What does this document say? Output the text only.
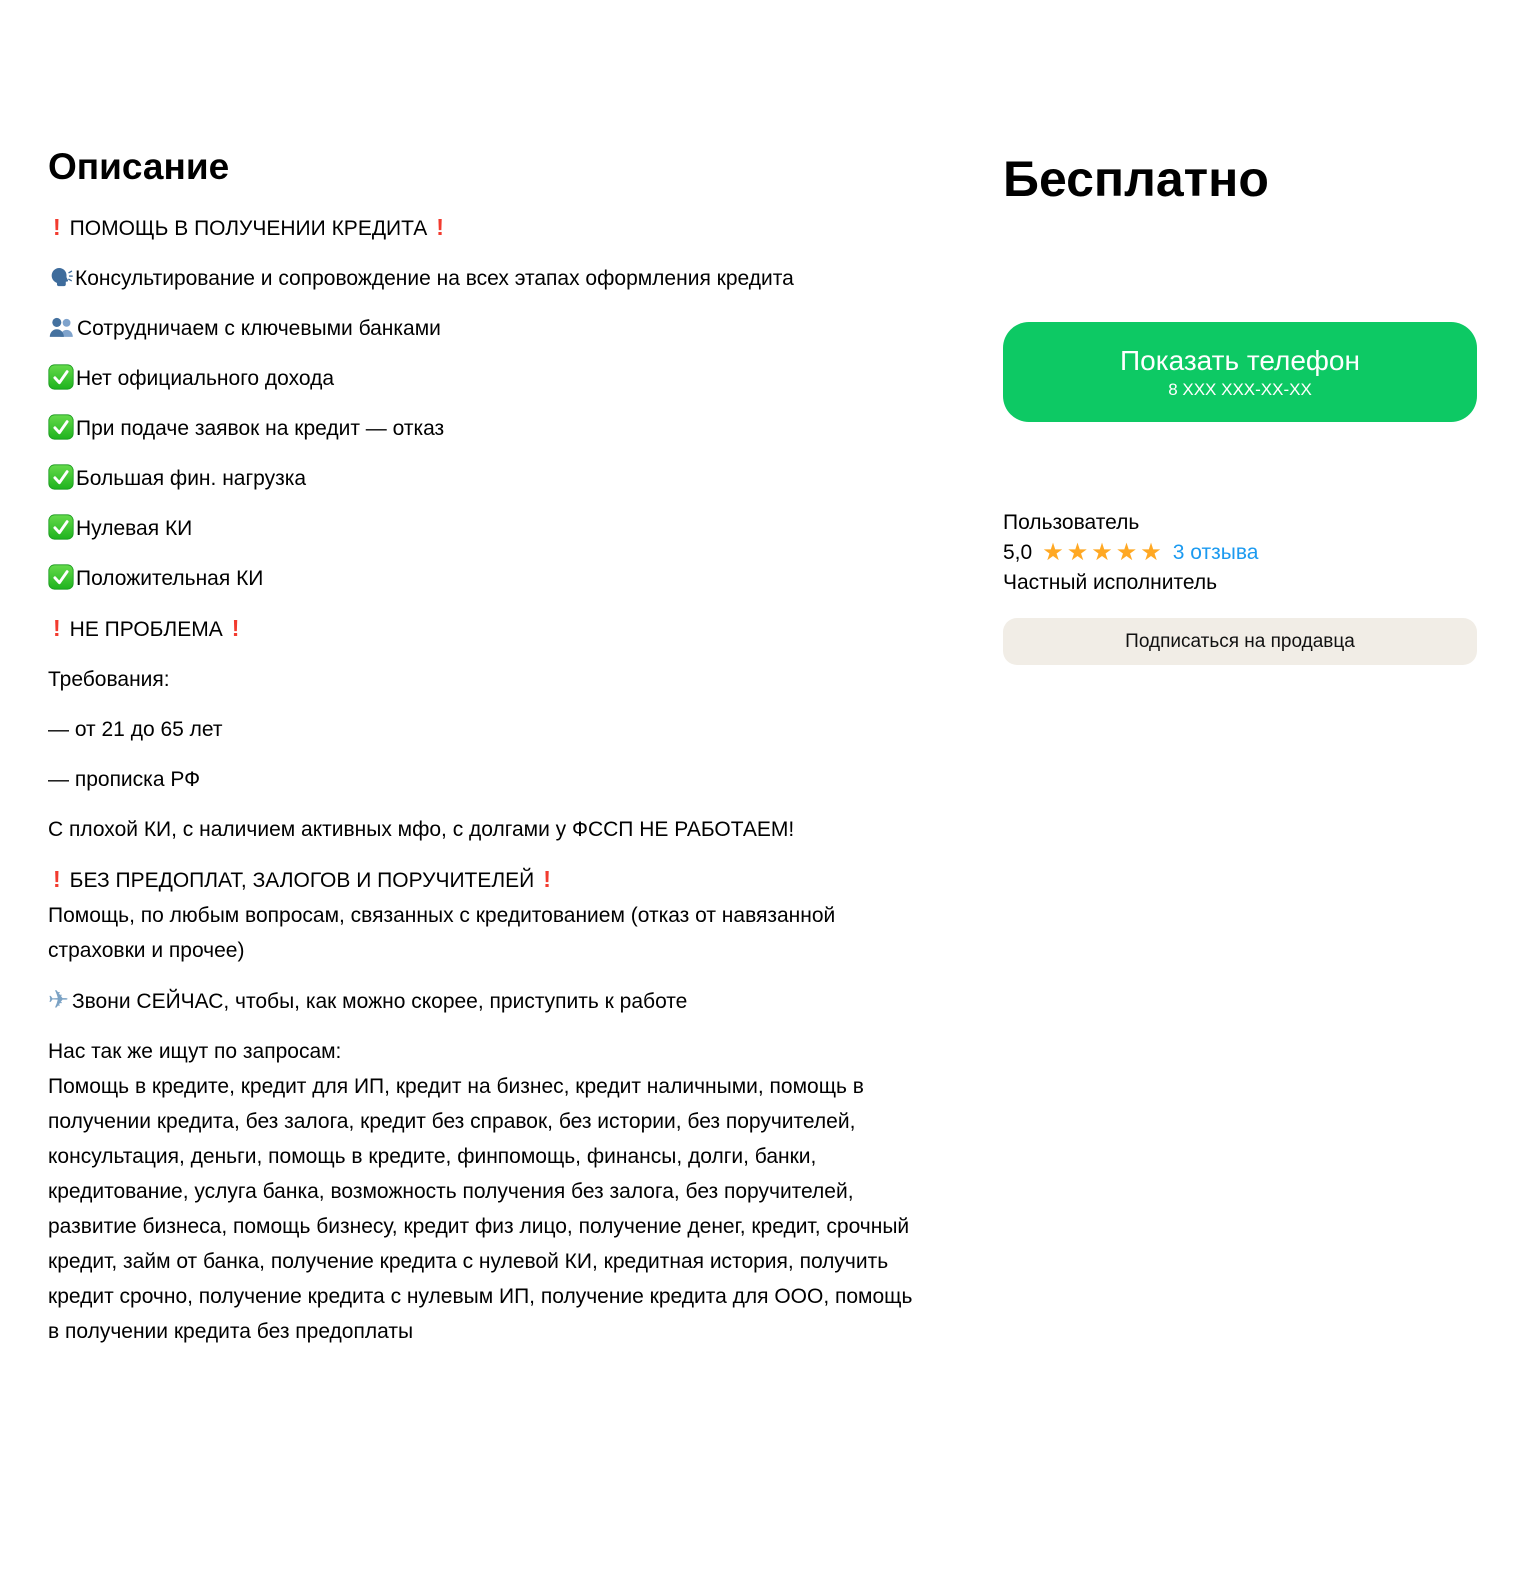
Описание

! ПОМОЩЬ В ПОЛУЧЕНИИ КРЕДИТА !

Консультирование и сопровождение на всех этапах оформления кредита

Сотрудничаем с ключевыми банками

Нет официального дохода

При подаче заявок на кредит — отказ

Большая фин. нагрузка

Нулевая КИ

Положительная КИ

! НЕ ПРОБЛЕМА !

Требования:

— от 21 до 65 лет

— прописка РФ

С плохой КИ, с наличием активных мфо, с долгами у ФССП НЕ РАБОТАЕМ!

! БЕЗ ПРЕДОПЛАТ, ЗАЛОГОВ И ПОРУЧИТЕЛЕЙ !
Помощь, по любым вопросам, связанных с кредитованием (отказ от навязанной страховки и прочее)

✈ Звони СЕЙЧАС, чтобы, как можно скорее, приступить к работе

Нас так же ищут по запросам:
Помощь в кредите, кредит для ИП, кредит на бизнес, кредит наличными, помощь в получении кредита, без залога, кредит без справок, без истории, без поручителей, консультация, деньги, помощь в кредите, финпомощь, финансы, долги, банки, кредитование, услуга банка, возможность получения без залога, без поручителей, развитие бизнеса, помощь бизнесу, кредит физ лицо, получение денег, кредит, срочный кредит, займ от банка, получение кредита с нулевой КИ, кредитная история, получить кредит срочно, получение кредита с нулевым ИП, получение кредита для ООО, помощь в получении кредита без предоплаты

Бесплатно
Показать телефон
8 XXX XXX-XX-XX
Пользователь
5,0 ★★★★★ 3 отзыва
Частный исполнитель
Подписаться на продавца
